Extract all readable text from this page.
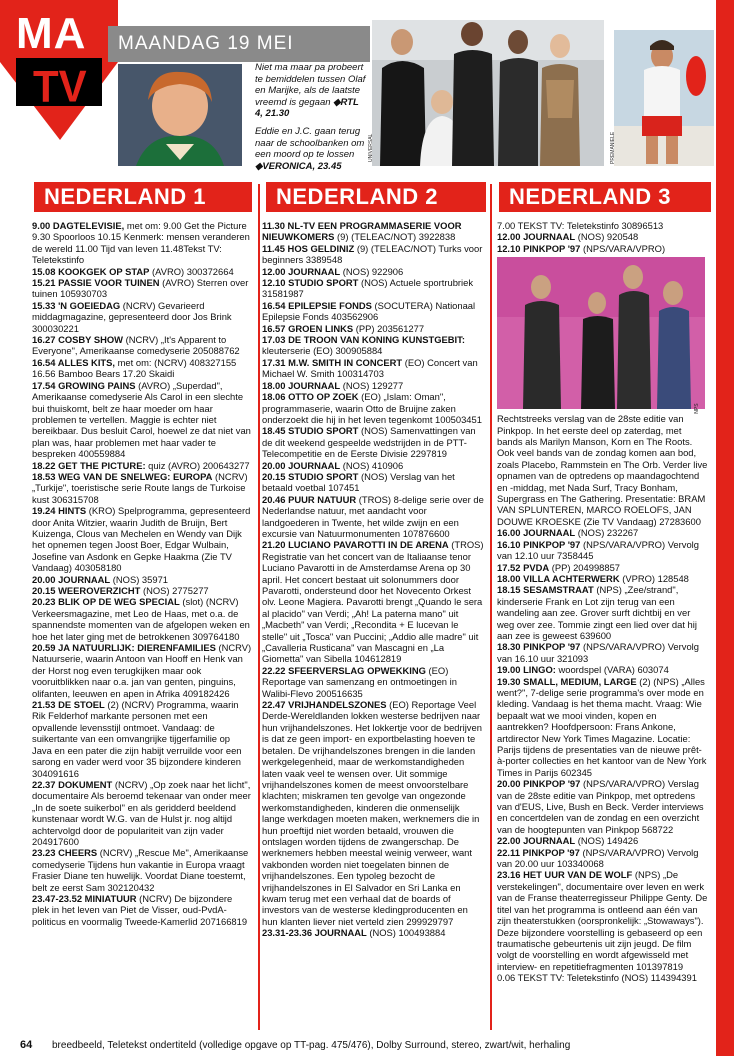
MA
TV
MAANDAG 19 MEI
Niet ma maar pa probeert te bemiddelen tussen Olaf en Marijke, als de laatste vreemd is gegaan ◆RTL 4, 21.30
Eddie en J.C. gaan terug naar de schoolbanken om een moord op te lossen ◆VERONICA, 23.45
UNIVERSAL	PREMANIELE
NEDERLAND 1	NEDERLAND 2	NEDERLAND 3
9.00 DAGTELEVISIE, met om: 9.00 Get the Picture 9.30 Spoorloos 10.15 Kenmerk: mensen veranderen de wereld 11.00 Tijd van leven 11.48Tekst TV: Teletekstinfo
15.08 KOOKGEK OP STAP (AVRO) 300372664
15.21 PASSIE VOOR TUINEN (AVRO) Sterren over tuinen 105930703
15.33 'N GOEIEDAG (NCRV) Gevarieerd middagmagazine, gepresenteerd door Jos Brink 300030221
16.27 COSBY SHOW (NCRV) „It's Apparent to Everyone", Amerikaanse comedyserie 205088762
16.54 ALLES KITS, met om: (NCRV) 408327155 16.56 Bamboo Bears 17.20 Skaidi
17.54 GROWING PAINS (AVRO) „Superdad", Amerikaanse comedyserie Als Carol in een slechte bui thuiskomt, belt ze haar moeder om haar problemen te vertellen. Maggie is echter niet bereikbaar. Dus besluit Carol, hoewel ze dat niet van plan was, haar problemen met haar vader te bespreken 400559884
18.22 GET THE PICTURE: quiz (AVRO) 200643277
18.53 WEG VAN DE SNELWEG: EUROPA (NCRV) „Turkije", toeristische serie Route langs de Turkoise kust 306315708
19.24 HINTS (KRO) Spelprogramma, gepresenteerd door Anita Witzier, waarin Judith de Bruijn, Bert Kuizenga, Clous van Mechelen en Wendy van Dijk het opnemen tegen Joost Boer, Edgar Wulbain, Josefine van Asdonk en Gepke Haakma (Zie TV Vandaag) 403058180
20.00 JOURNAAL (NOS) 35971
20.15 WEEROVERZICHT (NOS) 2775277
20.23 BLIK OP DE WEG SPECIAL (slot) (NCRV) Verkeersmagazine, met Leo de Haas, met o.a. de spannendste momenten van de afgelopen weken en hoe het later ging met de betrokkenen 309764180
20.59 JA NATUURLIJK: DIERENFAMILIES (NCRV) Natuurserie, waarin Antoon van Hooff en Henk van der Horst nog even terugkijken maar ook vooruitblikken naar o.a. jan van genten, pinguins, olifanten, leeuwen en apen in Afrika 409182426
21.53 DE STOEL (2) (NCRV) Programma, waarin Rik Felderhof markante personen met een opvallende levensstijl ontmoet. Vandaag: de suikertante van een omvangrijke tijgerfamilie op Java en een pater die zijn habijt verruilde voor een sarong en vader werd voor 35 bijzondere kinderen 304091616
22.37 DOKUMENT (NCRV) „Op zoek naar het licht", documentaire Als beroemd tekenaar van onder meer „In de soete suikerbol" en als geridderd beeldend kunstenaar wordt W.G. van de Hulst jr. nog altijd achtervolgd door de populariteit van zijn vader 204917600
23.23 CHEERS (NCRV) „Rescue Me", Amerikaanse comedyserie Tijdens hun vakantie in Europa vraagt Frasier Diane ten huwelijk. Voordat Diane toestemt, belt ze eerst Sam 302120432
23.47-23.52 MINIATUUR (NCRV) De bijzondere plek in het leven van Piet de Visser, oud-PvdA-politicus en voormalig Tweede-Kamerlid 207166819
11.30 NL-TV EEN PROGRAMMASERIE VOOR NIEUWKOMERS (9) (TELEAC/NOT) 3922838
11.45 HOS GELDINIZ (9) (TELEAC/NOT) Turks voor beginners 3389548
12.00 JOURNAAL (NOS) 922906
12.10 STUDIO SPORT (NOS) Actuele sportrubriek 31581987
16.54 EPILEPSIE FONDS (SOCUTERA) Nationaal Epilepsie Fonds 403562906
16.57 GROEN LINKS (PP) 203561277
17.03 DE TROON VAN KONING KUNSTGEBIT: kleuterserie (EO) 300905884
17.31 M.W. SMITH IN CONCERT (EO) Concert van Michael W. Smith 100314703
18.00 JOURNAAL (NOS) 129277
18.06 OTTO OP ZOEK (EO) „Islam: Oman", programmaserie, waarin Otto de Bruijne zaken onderzoekt die hij in het leven tegenkomt 100503451
18.45 STUDIO SPORT (NOS) Samenvattingen van de dit weekend gespeelde wedstrijden in de PTT-Telecompetitie en de Eerste Divisie 2297819
20.00 JOURNAAL (NOS) 410906
20.15 STUDIO SPORT (NOS) Verslag van het betaald voetbal 107451
20.46 PUUR NATUUR (TROS) 8-delige serie over de Nederlandse natuur, met aandacht voor landgoederen in Twente, het wilde zwijn en een excursie van Natuurmonumenten 107876600
21.20 LUCIANO PAVAROTTI IN DE ARENA (TROS) Registratie van het concert van de Italiaanse tenor Luciano Pavarotti in de Amsterdamse Arena op 30 april. Het concert bestaat uit solonummers door Pavarotti, ondersteund door het Novecento Orkest olv. Leone Magiera. Pavarotti brengt „Quando le sera al placido" van Verdi; „Ah! La paterna mano" uit „Macbeth" van Verdi; „Recondita + E lucevan le stelle" uit „Tosca" van Puccini; „Addio alle madre" uit „Cavalleria Rusticana" van Mascagni en „La Giometta" van Sibella 104612819
22.22 SFEERVERSLAG OPWEKKING (EO) Reportage van samenzang en ontmoetingen in Walibi-Flevo 200516635
22.47 VRIJHANDELSZONES (EO) Reportage Veel Derde-Wereldlanden lokken westerse bedrijven naar hun vrijhandelszones. Het lokkertje voor de bedrijven is dat ze geen import- en exportbelasting hoeven te betalen. De vrijhandelszones brengen in die landen werkgelegenheid, maar de werkomstandigheden laten vaak veel te wensen over. Uit sommige vrijhandelszones komen de meest onvoorstelbare klachten; miskramen ten gevolge van ongezonde werkomstandigheden, kinderen die onmenselijk lange werkdagen moeten maken, werknemers die in hun proeftijd niet worden betaald, vrouwen die ontslagen worden tijdens de zwangerschap. De werknemers hebben meestal weinig verweer, want vakbonden worden niet toegelaten binnen de vrijhandelszones. Een typoleg bezocht de vrijhandelszones in El Salvador en Sri Lanka en kwam terug met een verhaal dat de boards of investors van de westerse kledingproducenten en hun klanten liever niet verteld zien 299929797
23.31-23.36 JOURNAAL (NOS) 100493884
7.00 TEKST TV: Teletekstinfo 30896513
12.00 JOURNAAL (NOS) 920548
12.10 PINKPOP '97 (NPS/VARA/VPRO)
NPS
Rechtstreeks verslag van de 28ste editie van Pinkpop. In het eerste deel op zaterdag, met bands als Marilyn Manson, Korn en The Roots. Ook veel bands van de zondag komen aan bod, zoals Placebo, Rammstein en The Orb. Verder live opnamen van de optredens op maandagochtend en -middag, met Nada Surf, Tracy Bonham, Supergrass en The Gathering. Presentatie: BRAM VAN SPLUNTEREN, MARCO ROELOFS, JAN DOUWE KROESKE (Zie TV Vandaag) 27283600
16.00 JOURNAAL (NOS) 232267
16.10 PINKPOP '97 (NPS/VARA/VPRO) Vervolg van 12.10 uur 7358445
17.52 PVDA (PP) 204998857
18.00 VILLA ACHTERWERK (VPRO) 128548
18.15 SESAMSTRAAT (NPS) „Zee/strand", kinderserie Frank en Lot zijn terug van een wandeling aan zee. Grover surft dichtbij en ver weg over zee. Tommie zingt een lied over dat hij aan zee is geweest 639600
18.30 PINKPOP '97 (NPS/VARA/VPRO) Vervolg van 16.10 uur 321093
19.00 LINGO: woordspel (VARA) 603074
19.30 SMALL, MEDIUM, LARGE (2) (NPS) „Alles went?", 7-delige serie programma's over mode en kleding. Vandaag is het thema macht. Vraag: Wie bepaalt wat we mooi vinden, kopen en aantrekken? Hoofdpersoon: Frans Ankone, artdirector New York Times Magazine. Locatie: Parijs tijdens de presentaties van de nieuwe prêt-à-porter collecties en het kantoor van de New York Times in Parijs 602345
20.00 PINKPOP '97 (NPS/VARA/VPRO) Verslag van de 28ste editie van Pinkpop, met optredens van d'EUS, Live, Bush en Beck. Verder interviews en concertdelen van de zondag en een overzicht van de hoogtepunten van Pinkpop 568722
22.00 JOURNAAL (NOS) 149426
22.11 PINKPOP '97 (NPS/VARA/VPRO) Vervolg van 20.00 uur 103340068
23.16 HET UUR VAN DE WOLF (NPS) „De verstekelingen", documentaire over leven en werk van de Franse theaterregisseur Philippe Genty. De titel van het programma is ontleend aan één van zijn theaterstukken (oorspronkelijk: „Stowaways"). Deze bijzondere voorstelling is gebaseerd op een traumatische gebeurtenis uit zijn jeugd. De film volgt de voorstelling en wordt afgewisseld met interview- en repetitiefragmenten 101397819
0.06 TEKST TV: Teletekstinfo (NOS) 114394391
64 breedbeeld, Teletekst ondertiteld (volledige opgave op TT-pag. 475/476), Dolby Surround, stereo, zwart/wit, herhaling
